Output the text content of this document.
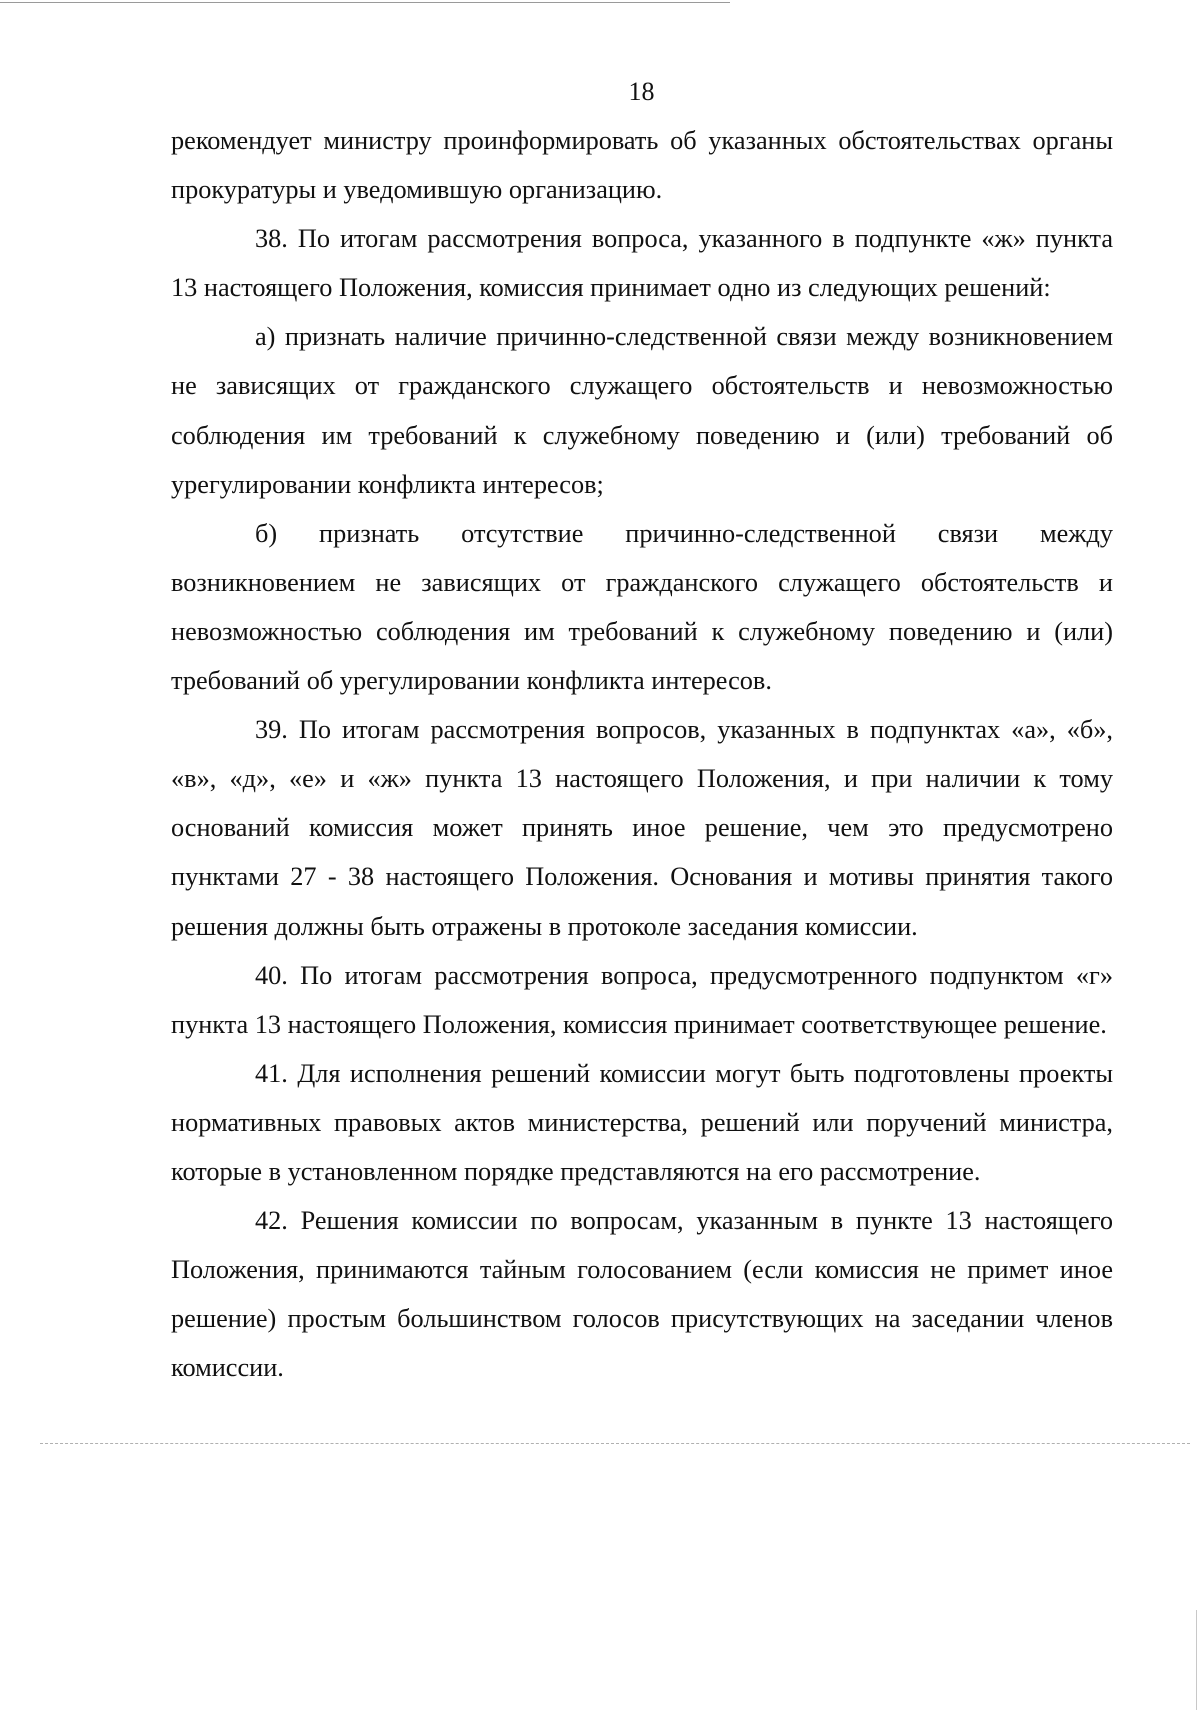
18

рекомендует министру проинформировать об указанных обстоятельствах органы прокуратуры и уведомившую организацию.

38. По итогам рассмотрения вопроса, указанного в подпункте «ж» пункта 13 настоящего Положения, комиссия принимает одно из следующих решений:

а) признать наличие причинно-следственной связи между возникновением не зависящих от гражданского служащего обстоятельств и невозможностью соблюдения им требований к служебному поведению и (или) требований об урегулировании конфликта интересов;

б) признать отсутствие причинно-следственной связи между возникновением не зависящих от гражданского служащего обстоятельств и невозможностью соблюдения им требований к служебному поведению и (или) требований об урегулировании конфликта интересов.

39. По итогам рассмотрения вопросов, указанных в подпунктах «а», «б», «в», «д», «е» и «ж» пункта 13 настоящего Положения, и при наличии к тому оснований комиссия может принять иное решение, чем это предусмотрено пунктами 27 - 38 настоящего Положения. Основания и мотивы принятия такого решения должны быть отражены в протоколе заседания комиссии.

40. По итогам рассмотрения вопроса, предусмотренного подпунктом «г» пункта 13 настоящего Положения, комиссия принимает соответствующее решение.

41. Для исполнения решений комиссии могут быть подготовлены проекты нормативных правовых актов министерства, решений или поручений министра, которые в установленном порядке представляются на его рассмотрение.

42. Решения комиссии по вопросам, указанным в пункте 13 настоящего Положения, принимаются тайным голосованием (если комиссия не примет иное решение) простым большинством голосов присутствующих на заседании членов комиссии.
